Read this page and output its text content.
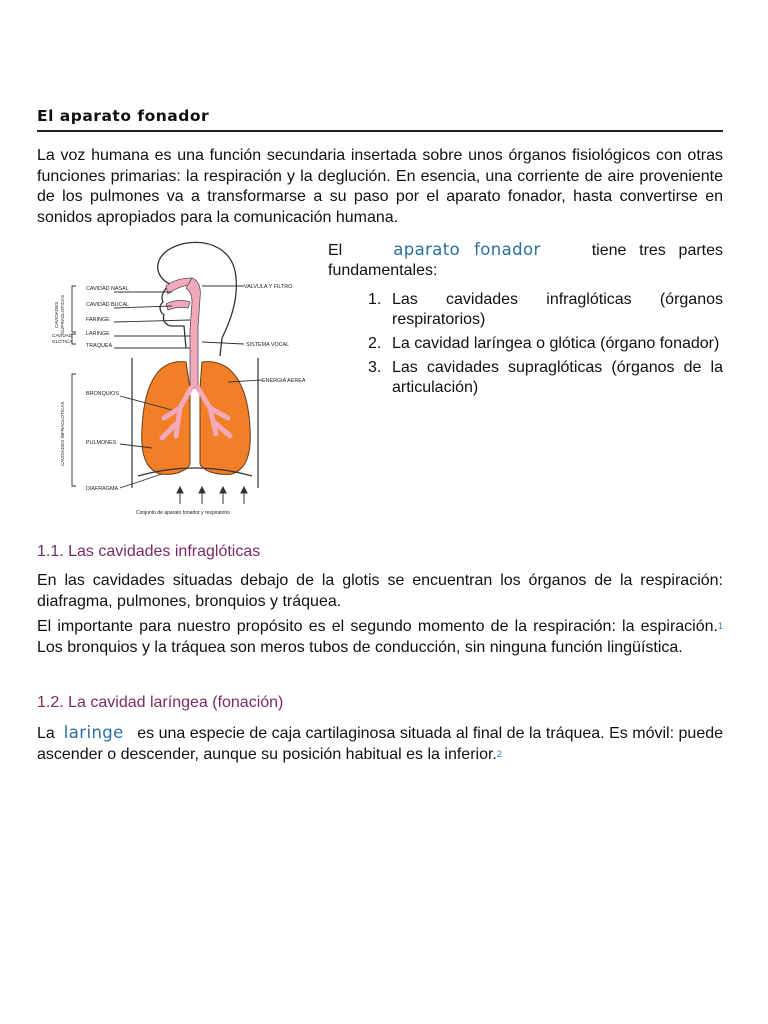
El aparato fonador
La voz humana es una función secundaria insertada sobre unos órganos fisiológicos con otras funciones primarias: la respiración y la deglución. En esencia, una corriente de aire proveniente de los pulmones va a transformarse a su paso por el aparato fonador, hasta convertirse en sonidos apropiados para la comunicación humana.
CAVIDAD NASAL
CAVIDAD BUCAL
FARINGE
LARINGE
TRAQUEA
BRONQUIOS
PULMONES
DIAFRAGMA
VALVULA Y FILTRO
SISTEMA VOCAL
ENERGIA AEREA
CAVIDADES SUPRAGLOTICAS
CAVIDAD
GLOTICA
CAVIDADES INFRAGLOTICAS
Conjunto de aparato fonador y respiratorio
El	aparato fonador	tiene tres partes fundamentales:
1. Las cavidades infraglóticas (órganos respiratorios)
2. La cavidad laríngea o glótica (órgano fonador)
3. Las cavidades supraglóticas (órganos de la articulación)
1.1. Las cavidades infraglóticas
En las cavidades situadas debajo de la glotis se encuentran los órganos de la respiración: diafragma, pulmones, bronquios y tráquea.
El importante para nuestro propósito es el segundo momento de la respiración: la espiración.$^1$ Los bronquios y la tráquea son meros tubos de conducción, sin ninguna función lingüística.
1.2. La cavidad laríngea (fonación)
La laringe es una especie de caja cartilaginosa situada al final de la tráquea. Es móvil: puede ascender o descender, aunque su posición habitual es la inferior.$^2$
